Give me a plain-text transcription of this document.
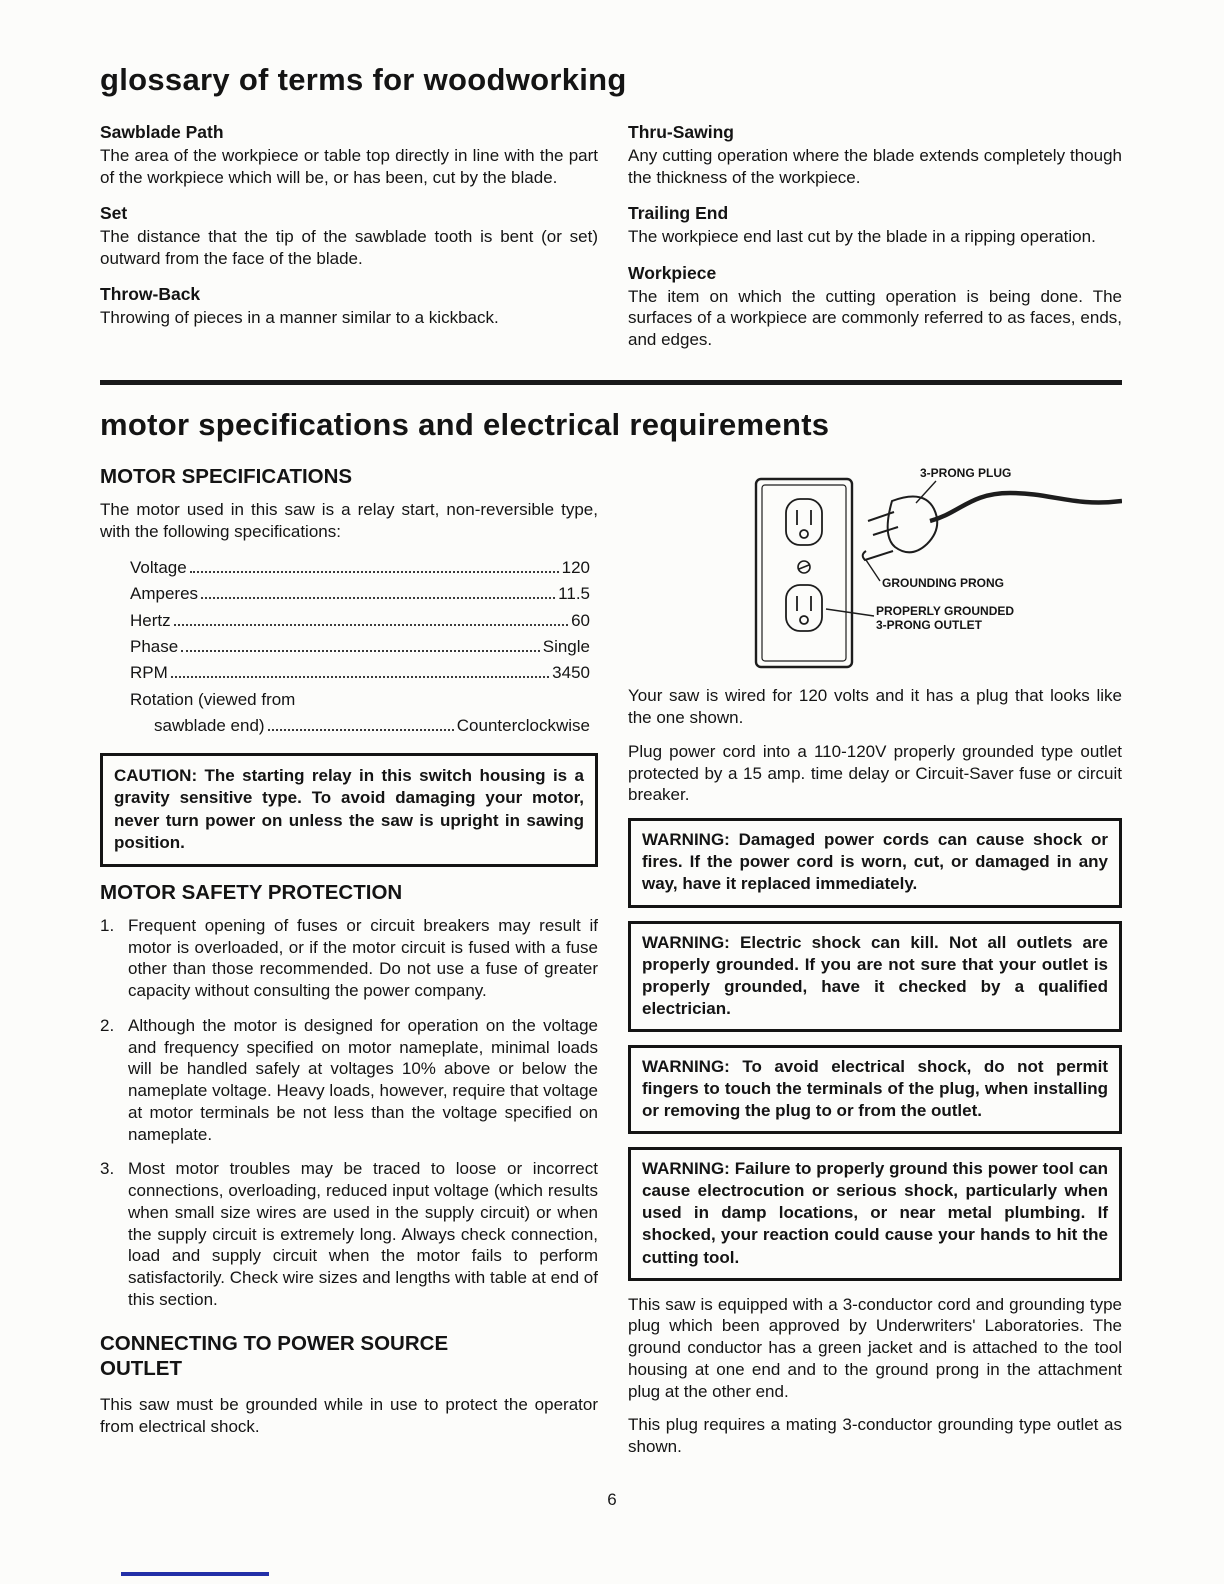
glossary of terms for woodworking
Sawblade Path

The area of the workpiece or table top directly in line with the part of the workpiece which will be, or has been, cut by the blade.

Set

The distance that the tip of the sawblade tooth is bent (or set) outward from the face of the blade.

Throw-Back

Throwing of pieces in a manner similar to a kickback.

Thru-Sawing

Any cutting operation where the blade extends completely though the thickness of the workpiece.

Trailing End

The workpiece end last cut by the blade in a ripping operation.

Workpiece

The item on which the cutting operation is being done. The surfaces of a workpiece are commonly referred to as faces, ends, and edges.

motor specifications and electrical requirements
MOTOR SPECIFICATIONS

The motor used in this saw is a relay start, non-reversible type, with the following specifications:

Voltage	120
Amperes	11.5
Hertz	60
Phase	Single
RPM	3450
Rotation (viewed from
sawblade end)	Counterclockwise
CAUTION: The starting relay in this switch housing is a gravity sensitive type. To avoid damaging your motor, never turn power on unless the saw is upright in sawing position.
MOTOR SAFETY PROTECTION
1. Frequent opening of fuses or circuit breakers may result if motor is overloaded, or if the motor circuit is fused with a fuse other than those recommended. Do not use a fuse of greater capacity without consulting the power company.

2. Although the motor is designed for operation on the voltage and frequency specified on motor nameplate, minimal loads will be handled safely at voltages 10% above or below the nameplate voltage. Heavy loads, however, require that voltage at motor terminals be not less than the voltage specified on nameplate.

3. Most motor troubles may be traced to loose or incorrect connections, overloading, reduced input voltage (which results when small size wires are used in the supply circuit) or when the supply circuit is extremely long. Always check connection, load and supply circuit when the motor fails to perform satisfactorily. Check wire sizes and lengths with table at end of this section.

CONNECTING TO POWER SOURCE
OUTLET

This saw must be grounded while in use to protect the operator from electrical shock.

3-PRONG PLUG
GROUNDING PRONG
PROPERLY GROUNDED
3-PRONG OUTLET

Your saw is wired for 120 volts and it has a plug that looks like the one shown.

Plug power cord into a 110-120V properly grounded type outlet protected by a 15 amp. time delay or Circuit-Saver fuse or circuit breaker.

WARNING: Damaged power cords can cause shock or fires. If the power cord is worn, cut, or damaged in any way, have it replaced immediately.
WARNING: Electric shock can kill. Not all outlets are properly grounded. If you are not sure that your outlet is properly grounded, have it checked by a qualified electrician.
WARNING: To avoid electrical shock, do not permit fingers to touch the terminals of the plug, when installing or removing the plug to or from the outlet.
WARNING: Failure to properly ground this power tool can cause electrocution or serious shock, particularly when used in damp locations, or near metal plumbing. If shocked, your reaction could cause your hands to hit the cutting tool.

This saw is equipped with a 3-conductor cord and grounding type plug which been approved by Underwriters' Laboratories. The ground conductor has a green jacket and is attached to the tool housing at one end and to the ground prong in the attachment plug at the other end.

This plug requires a mating 3-conductor grounding type outlet as shown.

6
